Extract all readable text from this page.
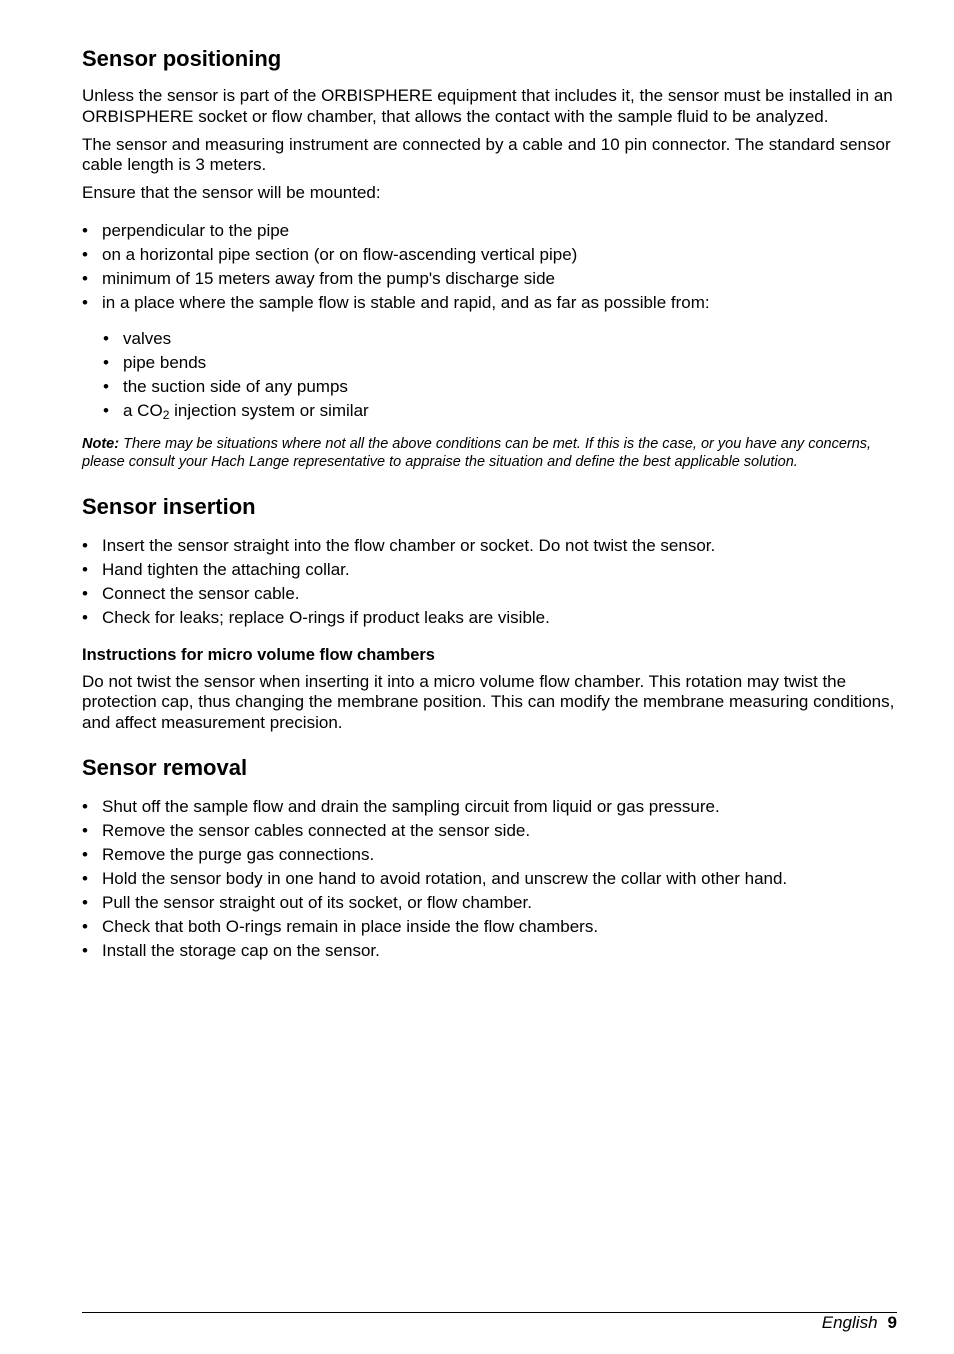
Sensor positioning

Unless the sensor is part of the ORBISPHERE equipment that includes it, the sensor must be installed in an ORBISPHERE socket or flow chamber, that allows the contact with the sample fluid to be analyzed.

The sensor and measuring instrument are connected by a cable and 10 pin connector. The standard sensor cable length is 3 meters.

Ensure that the sensor will be mounted:

• perpendicular to the pipe
• on a horizontal pipe section (or on flow-ascending vertical pipe)
• minimum of 15 meters away from the pump's discharge side
• in a place where the sample flow is stable and rapid, and as far as possible from:
• valves
• pipe bends
• the suction side of any pumps
• a $CO_2$ injection system or similar
Note: There may be situations where not all the above conditions can be met. If this is the case, or you have any concerns, please consult your Hach Lange representative to appraise the situation and define the best applicable solution.
Sensor insertion
• Insert the sensor straight into the flow chamber or socket. Do not twist the sensor.
• Hand tighten the attaching collar.
• Connect the sensor cable.
• Check for leaks; replace O-rings if product leaks are visible.
Instructions for micro volume flow chambers

Do not twist the sensor when inserting it into a micro volume flow chamber. This rotation may twist the protection cap, thus changing the membrane position. This can modify the membrane measuring conditions, and affect measurement precision.

Sensor removal
• Shut off the sample flow and drain the sampling circuit from liquid or gas pressure.
• Remove the sensor cables connected at the sensor side.
• Remove the purge gas connections.
• Hold the sensor body in one hand to avoid rotation, and unscrew the collar with other hand.
• Pull the sensor straight out of its socket, or flow chamber.
• Check that both O-rings remain in place inside the flow chambers.
• Install the storage cap on the sensor.
English 9
